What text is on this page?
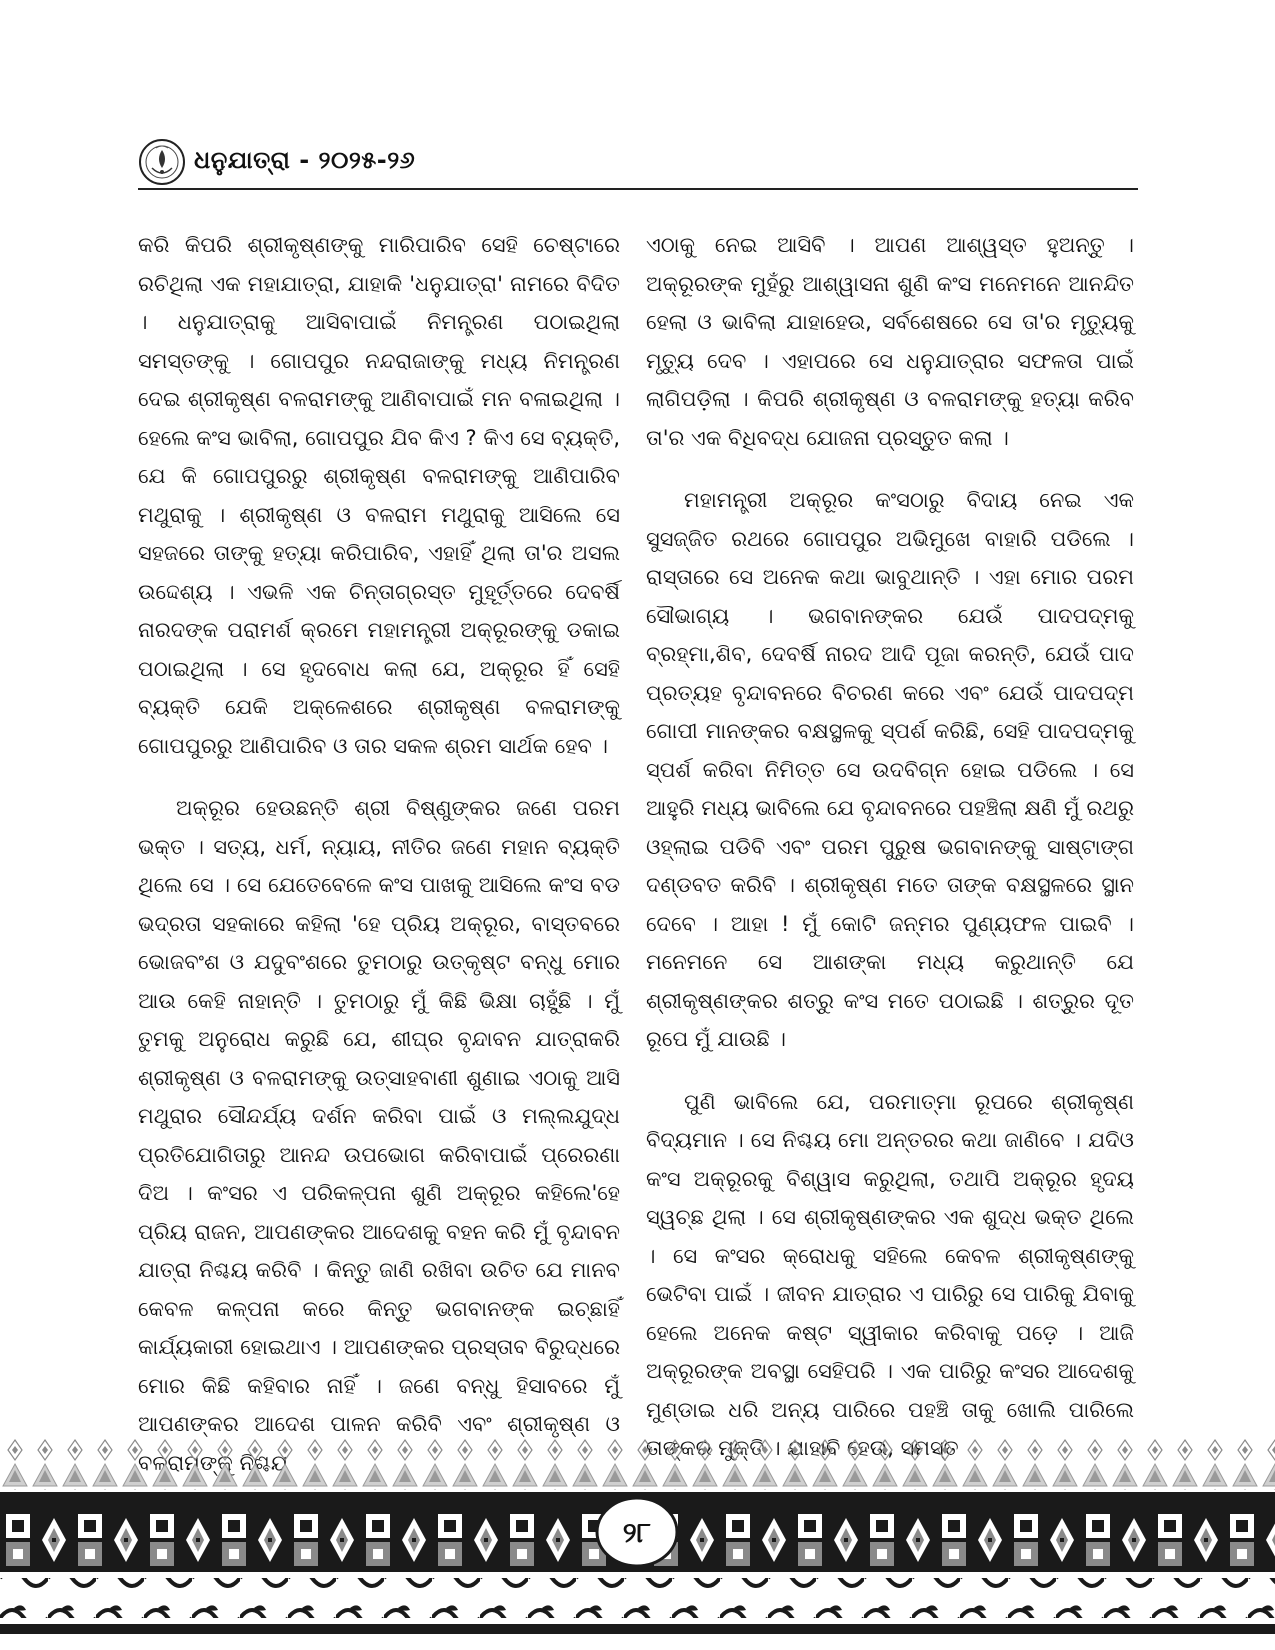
ଧନୁଯାତ୍ରା - ୨୦୨୫-୨୬

କରି କିପରି ଶ୍ରୀକୃଷ୍ଣଙ୍କୁ ମାରିପାରିବ ସେହି ଚେଷ୍ଟାରେ ରଚିଥିଲା ଏକ ମହାଯାତ୍ରା, ଯାହାକି 'ଧନୁଯାତ୍ରା' ନାମରେ ବିଦିତ । ଧନୁଯାତ୍ରାକୁ ଆସିବାପାଇଁ ନିମନ୍ତ୍ରଣ ପଠାଇଥିଲା ସମସ୍ତଙ୍କୁ । ଗୋପପୁର ନନ୍ଦରାଜାଙ୍କୁ ମଧ୍ୟ ନିମନ୍ତ୍ରଣ ଦେଇ ଶ୍ରୀକୃଷ୍ଣ ବଳରାମଙ୍କୁ ଆଣିବାପାଇଁ ମନ ବଳାଇଥିଲା । ହେଲେ କଂସ ଭାବିଲା, ଗୋପପୁର ଯିବ କିଏ ? କିଏ ସେ ବ୍ୟକ୍ତି, ଯେ କି ଗୋପପୁରରୁ ଶ୍ରୀକୃଷ୍ଣ ବଳରାମଙ୍କୁ ଆଣିପାରିବ ମଥୁରାକୁ । ଶ୍ରୀକୃଷ୍ଣ ଓ ବଳରାମ ମଥୁରାକୁ ଆସିଲେ ସେ ସହଜରେ ତାଙ୍କୁ ହତ୍ୟା କରିପାରିବ, ଏହାହିଁ ଥିଲା ତା'ର ଅସଲ ଉଦ୍ଦେଶ୍ୟ । ଏଭଳି ଏକ ଚିନ୍ତାଗ୍ରସ୍ତ ମୁହୂର୍ତ୍ତରେ ଦେବର୍ଷି ନାରଦଙ୍କ ପରାମର୍ଶ କ୍ରମେ ମହାମନ୍ତ୍ରୀ ଅକ୍ରୂରଙ୍କୁ ଡକାଇ ପଠାଇଥିଲା । ସେ ହୃଦବୋଧ କଲା ଯେ, ଅକ୍ରୂର ହିଁ ସେହି ବ୍ୟକ୍ତି ଯେକି ଅକ୍ଳେଶରେ ଶ୍ରୀକୃଷ୍ଣ ବଳରାମଙ୍କୁ ଗୋପପୁରରୁ ଆଣିପାରିବ ଓ ତାର ସକଳ ଶ୍ରମ ସାର୍ଥକ ହେବ ।

ଅକ୍ରୂର ହେଉଛନ୍ତି ଶ୍ରୀ ବିଷ୍ଣୁଙ୍କର ଜଣେ ପରମ ଭକ୍ତ । ସତ୍ୟ, ଧର୍ମ, ନ୍ୟାୟ, ନୀତିର ଜଣେ ମହାନ ବ୍ୟକ୍ତି ଥିଲେ ସେ । ସେ ଯେତେବେଳେ କଂସ ପାଖକୁ ଆସିଲେ କଂସ ବଡ ଭଦ୍ରତା ସହକାରେ କହିଲା 'ହେ ପ୍ରିୟ ଅକ୍ରୂର, ବାସ୍ତବରେ ଭୋଜବଂଶ ଓ ଯଦୁବଂଶରେ ତୁମଠାରୁ ଉତ୍କୃଷ୍ଟ ବନ୍ଧୁ ମୋର ଆଉ କେହି ନାହାନ୍ତି । ତୁମଠାରୁ ମୁଁ କିଛି ଭିକ୍ଷା ଚାହୁଁଛି । ମୁଁ ତୁମକୁ ଅନୁରୋଧ କରୁଛି ଯେ, ଶୀଘ୍ର ବୃନ୍ଦାବନ ଯାତ୍ରାକରି ଶ୍ରୀକୃଷ୍ଣ ଓ ବଳରାମଙ୍କୁ ଉତ୍ସାହବାଣୀ ଶୁଣାଇ ଏଠାକୁ ଆସି ମଥୁରାର ସୌନ୍ଦର୍ଯ୍ୟ ଦର୍ଶନ କରିବା ପାଇଁ ଓ ମଲ୍ଲଯୁଦ୍ଧ ପ୍ରତିଯୋଗିତାରୁ ଆନନ୍ଦ ଉପଭୋଗ କରିବାପାଇଁ ପ୍ରେରଣା ଦିଅ । କଂସର ଏ ପରିକଳ୍ପନା ଶୁଣି ଅକ୍ରୂର କହିଲେ'ହେ ପ୍ରିୟ ରାଜନ, ଆପଣଙ୍କର ଆଦେଶକୁ ବହନ କରି ମୁଁ ବୃନ୍ଦାବନ ଯାତ୍ରା ନିଶ୍ଚୟ କରିବି । କିନ୍ତୁ ଜାଣି ରଖିବା ଉଚିତ ଯେ ମାନବ କେବଳ କଳ୍ପନା କରେ କିନ୍ତୁ ଭଗବାନଙ୍କ ଇଚ୍ଛାହିଁ କାର୍ଯ୍ୟକାରୀ ହୋଇଥାଏ । ଆପଣଙ୍କର ପ୍ରସ୍ତାବ ବିରୁଦ୍ଧରେ ମୋର କିଛି କହିବାର ନାହିଁ । ଜଣେ ବନ୍ଧୁ ହିସାବରେ ମୁଁ ଆପଣଙ୍କର ଆଦେଶ ପାଳନ କରିବି ଏବଂ ଶ୍ରୀକୃଷ୍ଣ ଓ

ଏଠାକୁ ନେଇ ଆସିବି । ଆପଣ ଆଶ୍ୱସ୍ତ ହୁଅନ୍ତୁ । ଅକ୍ରୂରଙ୍କ ମୁହଁରୁ ଆଶ୍ୱାସନା ଶୁଣି କଂସ ମନେମନେ ଆନନ୍ଦିତ ହେଲା ଓ ଭାବିଲା ଯାହାହେଉ, ସର୍ବଶେଷରେ ସେ ତା'ର ମୃତ୍ୟୁକୁ ମୃତ୍ୟୁ ଦେବ । ଏହାପରେ ସେ ଧନୁଯାତ୍ରାର ସଫଳତା ପାଇଁ ଲାଗିପଡ଼ିଲା । କିପରି ଶ୍ରୀକୃଷ୍ଣ ଓ ବଳରାମଙ୍କୁ ହତ୍ୟା କରିବ ତା'ର ଏକ ବିଧିବଦ୍ଧ ଯୋଜନା ପ୍ରସ୍ତୁତ କଲା ।

ମହାମନ୍ତ୍ରୀ ଅକ୍ରୂର କଂସଠାରୁ ବିଦାୟ ନେଇ ଏକ ସୁସଜ୍ଜିତ ରଥରେ ଗୋପପୁର ଅଭିମୁଖେ ବାହାରି ପଡିଲେ । ରାସ୍ତାରେ ସେ ଅନେକ କଥା ଭାବୁଥାନ୍ତି । ଏହା ମୋର ପରମ ସୌଭାଗ୍ୟ । ଭଗବାନଙ୍କର ଯେଉଁ ପାଦପଦ୍ମକୁ ବ୍ରହ୍ମା,ଶିବ, ଦେବର୍ଷି ନାରଦ ଆଦି ପୂଜା କରନ୍ତି, ଯେଉଁ ପାଦ ପ୍ରତ୍ୟହ ବୃନ୍ଦାବନରେ ବିଚରଣ କରେ ଏବଂ ଯେଉଁ ପାଦପଦ୍ମ ଗୋପୀ ମାନଙ୍କର ବକ୍ଷସ୍ଥଳକୁ ସ୍ପର୍ଶ କରିଛି, ସେହି ପାଦପଦ୍ମକୁ ସ୍ପର୍ଶ କରିବା ନିମିତ୍ତ ସେ ଉଦବିଗ୍ନ ହୋଇ ପଡିଲେ । ସେ ଆହୁରି ମଧ୍ୟ ଭାବିଲେ ଯେ ବୃନ୍ଦାବନରେ ପହଞ୍ଚିଲା କ୍ଷଣି ମୁଁ ରଥରୁ ଓହ୍ଲାଇ ପଡିବି ଏବଂ ପରମ ପୁରୁଷ ଭଗବାନଙ୍କୁ ସାଷ୍ଟାଙ୍ଗ ଦଣ୍ଡବତ କରିବି । ଶ୍ରୀକୃଷ୍ଣ ମତେ ତାଙ୍କ ବକ୍ଷସ୍ଥଳରେ ସ୍ଥାନ ଦେବେ । ଆହା ! ମୁଁ କୋଟି ଜନ୍ମର ପୁଣ୍ୟଫଳ ପାଇବି । ମନେମନେ ସେ ଆଶଙ୍କା ମଧ୍ୟ କରୁଥାନ୍ତି ଯେ ଶ୍ରୀକୃଷ୍ଣଙ୍କର ଶତ୍ରୁ କଂସ ମତେ ପଠାଇଛି । ଶତ୍ରୁର ଦୂତ ରୂପେ ମୁଁ ଯାଉଛି ।

ପୁଣି ଭାବିଲେ ଯେ, ପରମାତ୍ମା ରୂପରେ ଶ୍ରୀକୃଷ୍ଣ ବିଦ୍ୟମାନ । ସେ ନିଶ୍ଚୟ ମୋ ଅନ୍ତରର କଥା ଜାଣିବେ । ଯଦିଓ କଂସ ଅକ୍ରୂରକୁ ବିଶ୍ୱାସ କରୁଥିଲା, ତଥାପି ଅକ୍ରୂର ହୃଦୟ ସ୍ୱଚ୍ଛ ଥିଲା । ସେ ଶ୍ରୀକୃଷ୍ଣଙ୍କର ଏକ ଶୁଦ୍ଧ ଭକ୍ତ ଥିଲେ । ସେ କଂସର କ୍ରୋଧକୁ ସହିଲେ କେବଳ ଶ୍ରୀକୃଷ୍ଣଙ୍କୁ ଭେଟିବା ପାଇଁ । ଜୀବନ ଯାତ୍ରାର ଏ ପାରିରୁ ସେ ପାରିକୁ ଯିବାକୁ ହେଲେ ଅନେକ କଷ୍ଟ ସ୍ୱୀକାର କରିବାକୁ ପଡ଼େ । ଆଜି ଅକ୍ରୂରଙ୍କ ଅବସ୍ଥା ସେହିପରି । ଏକ ପାରିରୁ କଂସର ଆଦେଶକୁ ମୁଣ୍ଡାଇ ଧରି ଅନ୍ୟ ପାରିରେ ପହଞ୍ଚି ତାକୁ ଖୋଲି ପାରିଲେ

୨୮
